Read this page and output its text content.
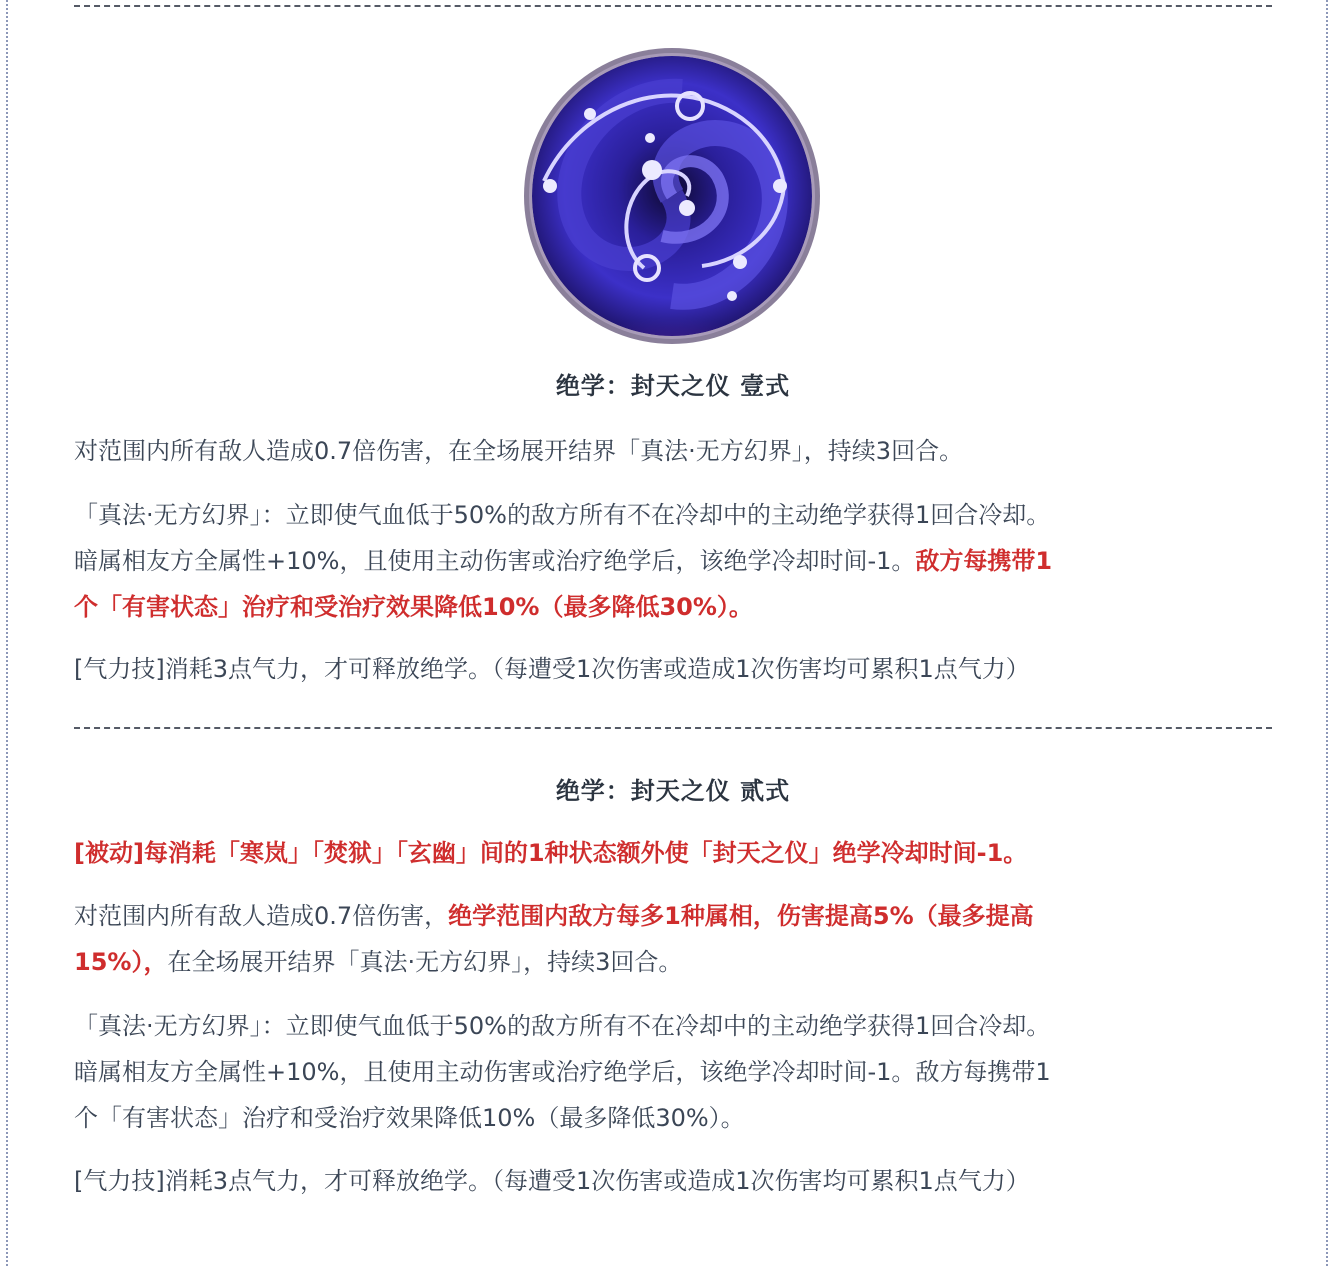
绝学：封天之仪 壹式
对范围内所有敌人造成0.7倍伤害，在全场展开结界「真法·无方幻界」，持续3回合。
「真法·无方幻界」：立即使气血低于50%的敌方所有不在冷却中的主动绝学获得1回合冷却。
暗属相友方全属性+10%，且使用主动伤害或治疗绝学后，该绝学冷却时间-1。敌方每携带1
个「有害状态」治疗和受治疗效果降低10%（最多降低30%）。
[气力技]消耗3点气力，才可释放绝学。（每遭受1次伤害或造成1次伤害均可累积1点气力）
绝学：封天之仪 贰式
[被动]每消耗「寒岚」「焚狱」「玄幽」间的1种状态额外使「封天之仪」绝学冷却时间-1。
对范围内所有敌人造成0.7倍伤害，绝学范围内敌方每多1种属相，伤害提高5%（最多提高
15%），在全场展开结界「真法·无方幻界」，持续3回合。
「真法·无方幻界」：立即使气血低于50%的敌方所有不在冷却中的主动绝学获得1回合冷却。
暗属相友方全属性+10%，且使用主动伤害或治疗绝学后，该绝学冷却时间-1。敌方每携带1
个「有害状态」治疗和受治疗效果降低10%（最多降低30%）。
[气力技]消耗3点气力，才可释放绝学。（每遭受1次伤害或造成1次伤害均可累积1点气力）
